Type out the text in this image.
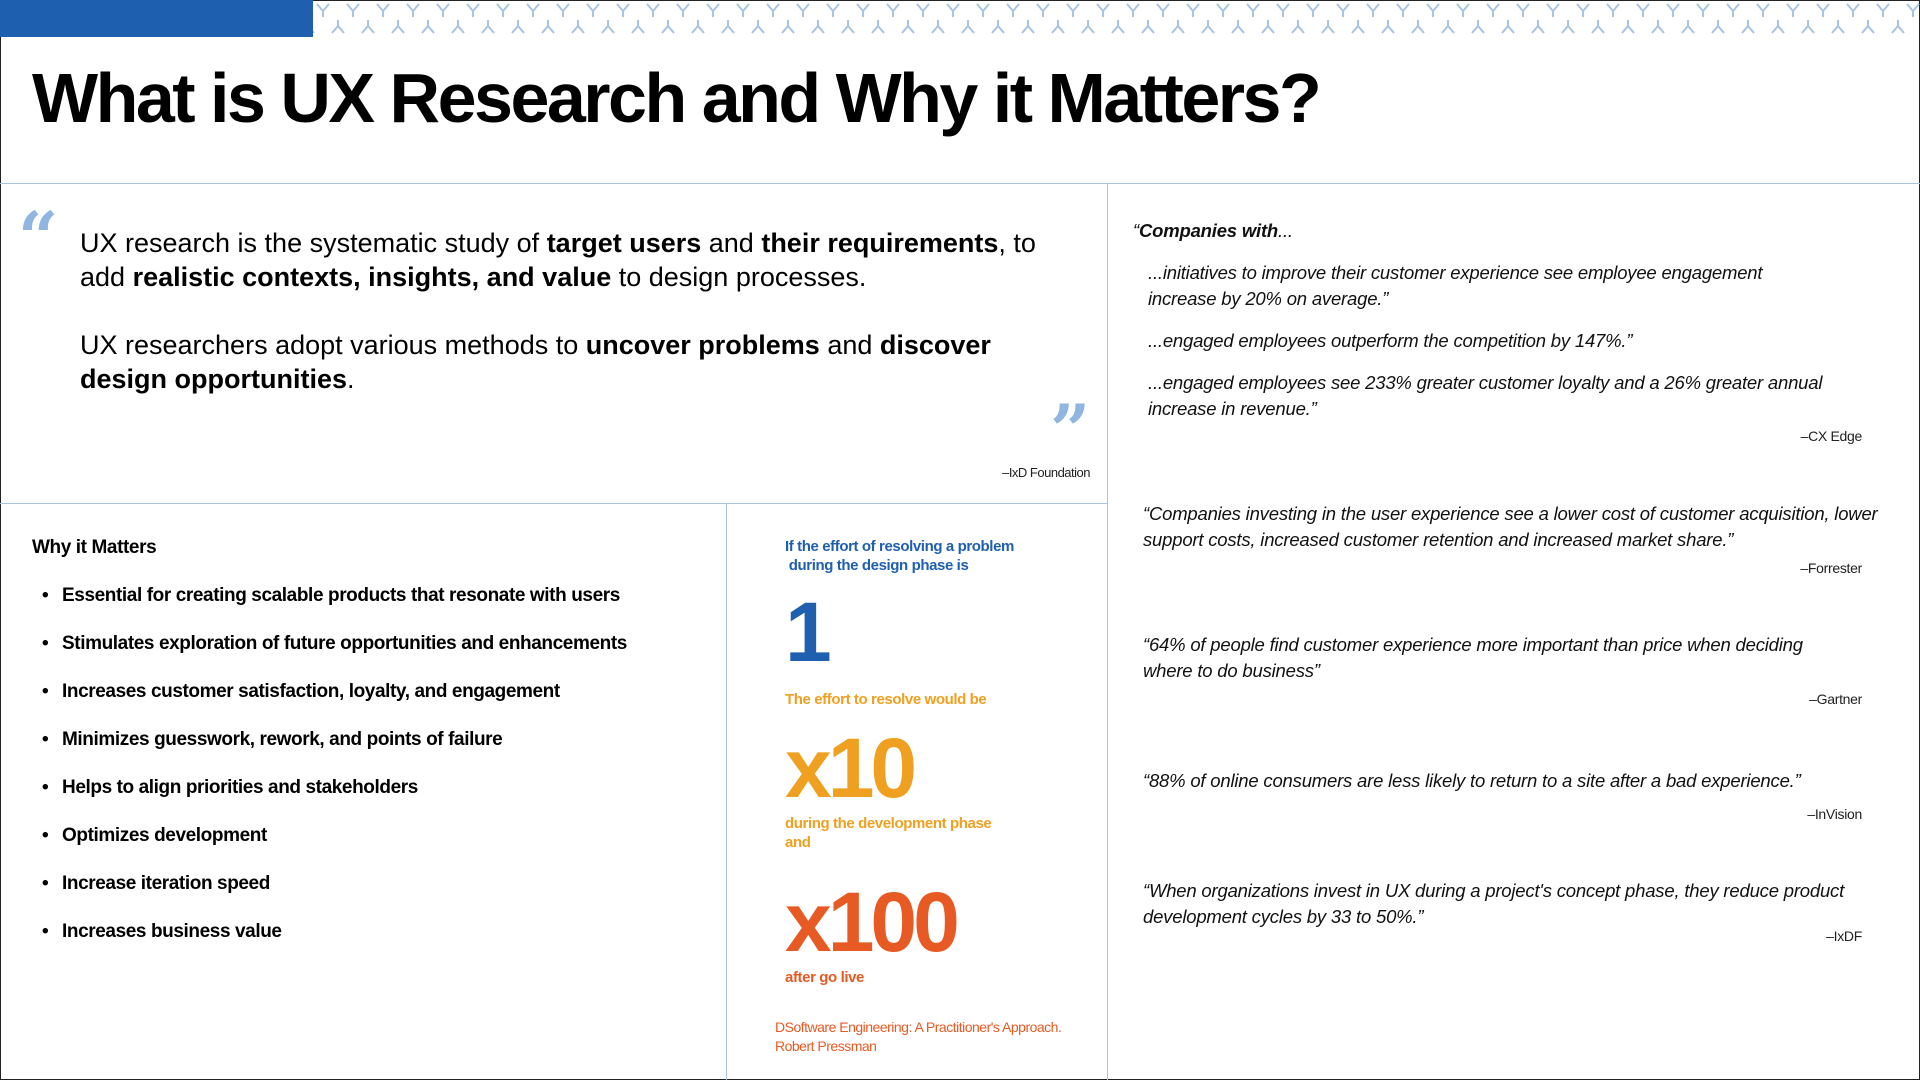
What is UX Research and Why it Matters?
“ UX research is the systematic study of target users and their requirements, to add realistic contexts, insights, and value to design processes.

UX researchers adopt various methods to uncover problems and discover design opportunities.

”
–IxD Foundation
Why it Matters
• Essential for creating scalable products that resonate with users
• Stimulates exploration of future opportunities and enhancements
• Increases customer satisfaction, loyalty, and engagement
• Minimizes guesswork, rework, and points of failure
• Helps to align priorities and stakeholders
• Optimizes development
• Increase iteration speed
• Increases business value
If the effort of resolving a problem
during the design phase is
1
The effort to resolve would be
x10
during the development phase
and
x100
after go live
DSoftware Engineering: A Practitioner's Approach.
Robert Pressman
“Companies with...
...initiatives to improve their customer experience see employee engagement increase by 20% on average.”
...engaged employees outperform the competition by 147%.”
...engaged employees see 233% greater customer loyalty and a 26% greater annual increase in revenue.”
–CX Edge
“Companies investing in the user experience see a lower cost of customer acquisition, lower support costs, increased customer retention and increased market share.”
–Forrester
“64% of people find customer experience more important than price when deciding where to do business”
–Gartner
“88% of online consumers are less likely to return to a site after a bad experience.”
–InVision
“When organizations invest in UX during a project's concept phase, they reduce product development cycles by 33 to 50%.”
–IxDF
